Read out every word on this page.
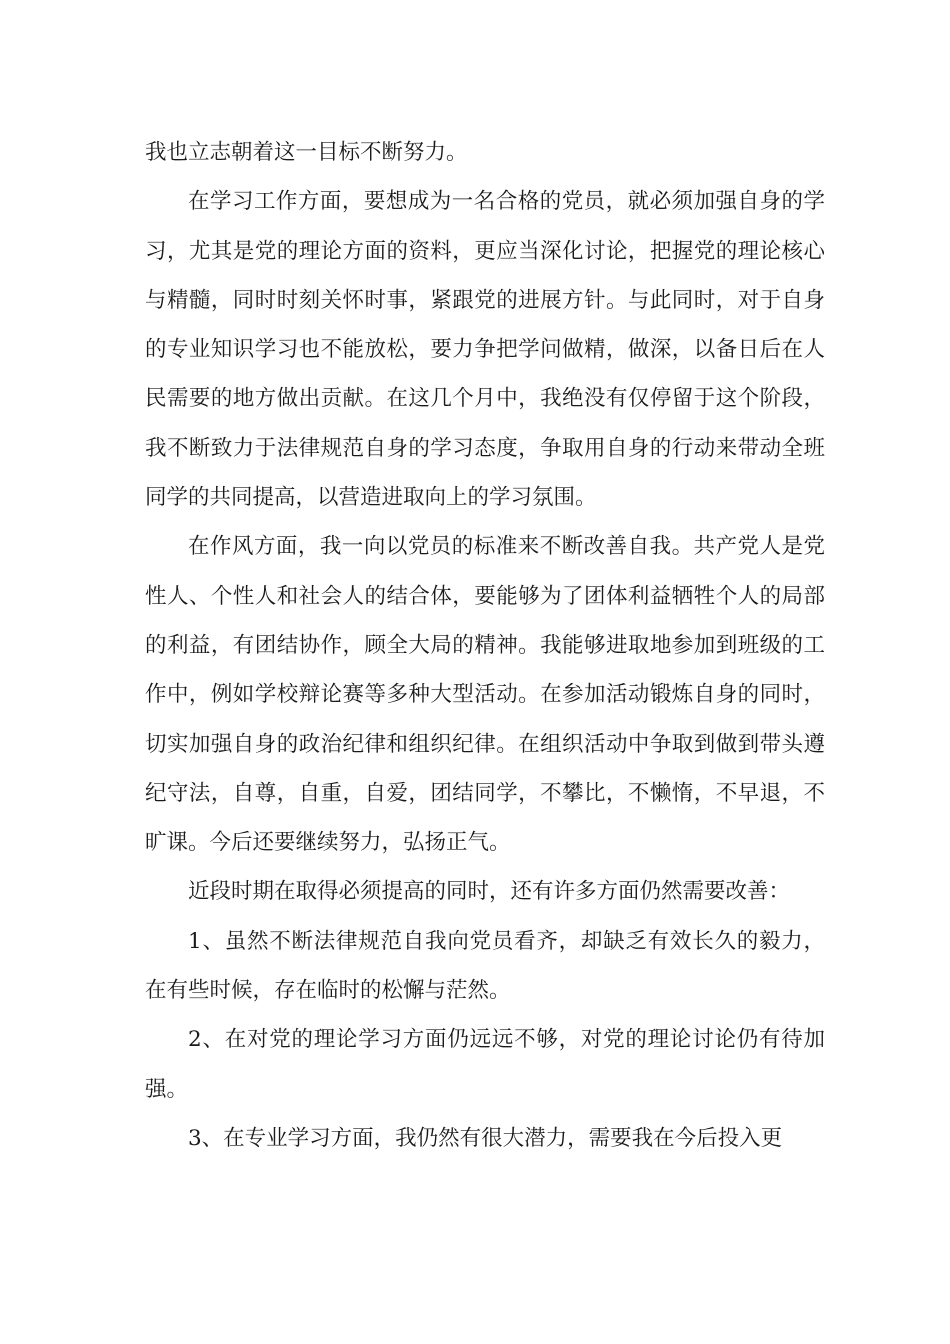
我也立志朝着这一目标不断努力。

在学习工作方面，要想成为一名合格的党员，就必须加强自身的学习，尤其是党的理论方面的资料，更应当深化讨论，把握党的理论核心与精髓，同时时刻关怀时事，紧跟党的进展方针。与此同时，对于自身的专业知识学习也不能放松，要力争把学问做精，做深，以备日后在人民需要的地方做出贡献。在这几个月中，我绝没有仅停留于这个阶段，我不断致力于法律规范自身的学习态度，争取用自身的行动来带动全班同学的共同提高，以营造进取向上的学习氛围。

在作风方面，我一向以党员的标准来不断改善自我。共产党人是党性人、个性人和社会人的结合体，要能够为了团体利益牺牲个人的局部的利益，有团结协作，顾全大局的精神。我能够进取地参加到班级的工作中，例如学校辩论赛等多种大型活动。在参加活动锻炼自身的同时，切实加强自身的政治纪律和组织纪律。在组织活动中争取到做到带头遵纪守法，自尊，自重，自爱，团结同学，不攀比，不懒惰，不早退，不旷课。今后还要继续努力，弘扬正气。

近段时期在取得必须提高的同时，还有许多方面仍然需要改善：

1、虽然不断法律规范自我向党员看齐，却缺乏有效长久的毅力，在有些时候，存在临时的松懈与茫然。

2、在对党的理论学习方面仍远远不够，对党的理论讨论仍有待加强。

3、在专业学习方面，我仍然有很大潜力，需要我在今后投入更
